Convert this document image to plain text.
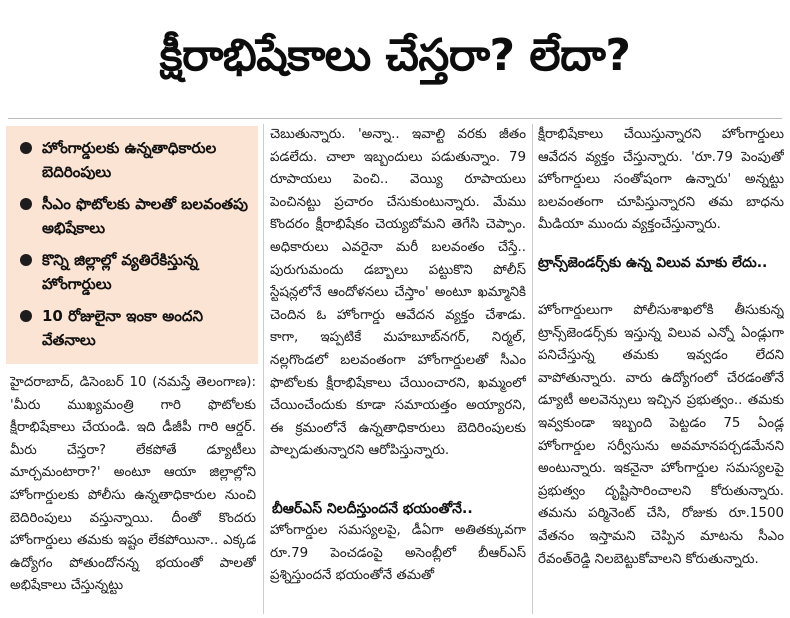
క్షీరాభిషేకాలు చేస్తరా? లేదా?
హోంగార్డులకు ఉన్నతాధికారుల బెదిరింపులు
సీఎం ఫొటోలకు పాలతో బలవంతపు అభిషేకాలు
కొన్ని జిల్లాల్లో వ్యతిరేకిస్తున్న హోంగార్డులు
10 రోజులైనా ఇంకా అందని వేతనాలు

హైదరాబాద్, డిసెంబర్ 10 (నమస్తే తెలంగాణ): 'మీరు ముఖ్యమంత్రి గారి ఫొటోలకు క్షీరాభిషేకాలు చేయండి. ఇది డీజీపీ గారి ఆర్డర్. మీరు చేస్తరా? లేకపోతే డ్యూటీలు మార్చమంటారా?' అంటూ ఆయా జిల్లాల్లోని హోంగార్డులకు పోలీసు ఉన్నతాధికారుల నుంచి బెదిరింపులు వస్తున్నాయి. దీంతో కొందరు హోంగార్డులు తమకు ఇష్టం లేకపోయినా.. ఎక్కడ ఉద్యోగం పోతుందోనన్న భయంతో పాలతో అభిషేకాలు చేస్తున్నట్టు

చెబుతున్నారు. 'అన్నా.. ఇవాల్టి వరకు జీతం పడలేదు. చాలా ఇబ్బందులు పడుతున్నాం. 79 రూపాయలు పెంచి.. వెయ్యి రూపాయలు పెంచినట్టు ప్రచారం చేసుకుంటున్నారు. మేము కొందరం క్షీరాభిషేకం చెయ్యబోమని తెగేసి చెప్పాం. అధికారులు ఎవరైనా మరీ బలవంతం చేస్తే.. పురుగుమందు డబ్బాలు పట్టుకొని పోలీస్ స్టేషన్లలోనే ఆందోళనలు చేస్తాం' అంటూ ఖమ్మానికి చెందిన ఓ హోంగార్డు ఆవేదన వ్యక్తం చేశాడు. కాగా, ఇప్పటికే మహబూబ్‌నగర్, నిర్మల్, నల్లగొండలో బలవంతంగా హోంగార్డులతో సీఎం ఫొటోలకు క్షీరాభిషేకాలు చేయించారని, ఖమ్మంలో చేయించేందుకు కూడా సమాయత్తం అయ్యారని, ఈ క్రమంలోనే ఉన్నతాధికారులు బెదిరింపులకు పాల్పడుతున్నారని ఆరోపిస్తున్నారు.

బీఆర్ఎస్ నిలదీస్తుందనే భయంతోనే..

హోంగార్డుల సమస్యలపై, డీఏగా అతితక్కువగా రూ.79 పెంచడంపై అసెంబ్లీలో బీఆర్ఎస్ ప్రశ్నిస్తుందనే భయంతోనే తమతో

క్షీరాభిషేకాలు చేయిస్తున్నారని హోంగార్డులు ఆవేదన వ్యక్తం చేస్తున్నారు. 'రూ.79 పెంపుతో హోంగార్డులు సంతోషంగా ఉన్నారు' అన్నట్టు బలవంతంగా చూపిస్తున్నారని తమ బాధను మీడియా ముందు వ్యక్తంచేస్తున్నారు.

ట్రాన్స్‌జెండర్స్‌కు ఉన్న విలువ మాకు లేదు..

హోంగార్డులుగా పోలీసుశాఖలోకి తీసుకున్న ట్రాన్స్‌జెండర్స్‌కు ఇస్తున్న విలువ ఎన్నో ఏండ్లుగా పనిచేస్తున్న తమకు ఇవ్వడం లేదని వాపోతున్నారు. వారు ఉద్యోగంలో చేరడంతోనే డ్యూటీ అలవెన్సులు ఇచ్చిన ప్రభుత్వం.. తమకు ఇవ్వకుండా ఇబ్బంది పెట్టడం 75 ఏండ్ల హోంగార్డుల సర్వీసును అవమానపర్చడమేనని అంటున్నారు. ఇకనైనా హోంగార్డుల సమస్యలపై ప్రభుత్వం దృష్టిసారించాలని కోరుతున్నారు. తమను పర్మినెంట్ చేసి, రోజుకు రూ.1500 వేతనం ఇస్తామని చెప్పిన మాటను సీఎం రేవంత్‌రెడ్డి నిలబెట్టుకోవాలని కోరుతున్నారు.
